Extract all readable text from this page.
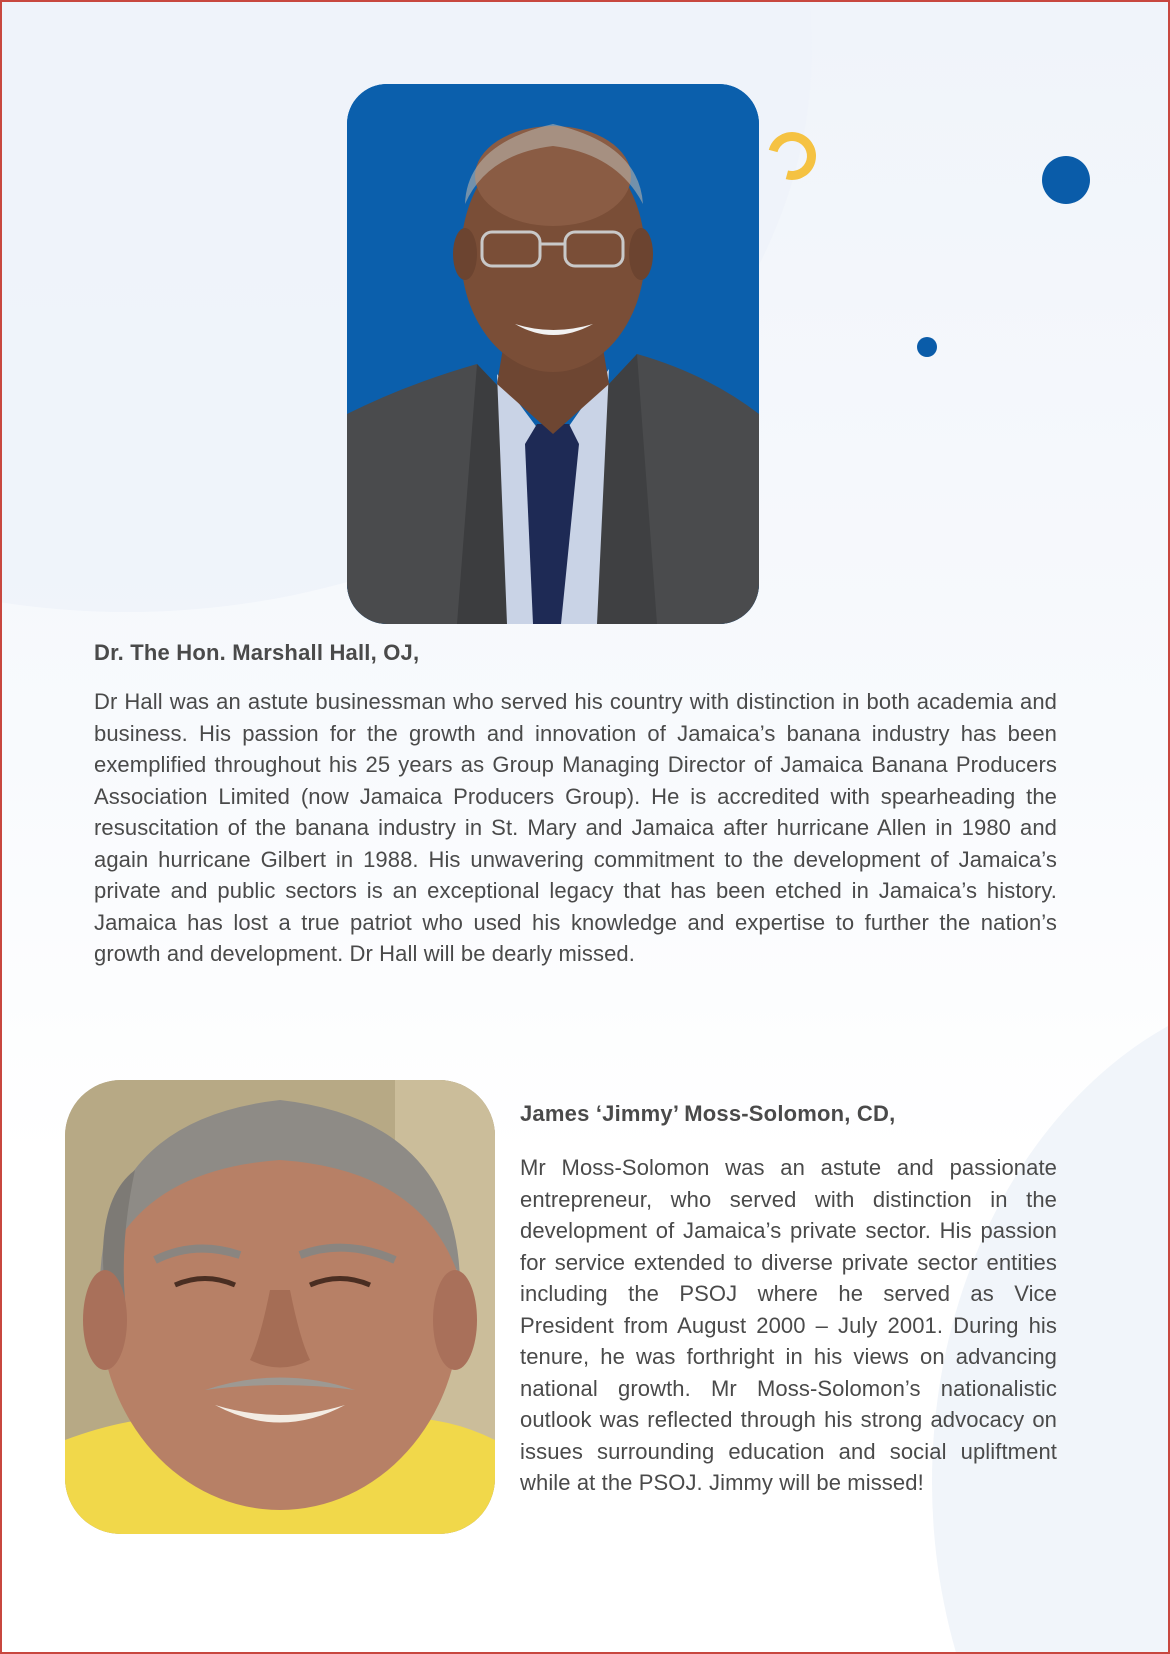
Dr. The Hon. Marshall Hall, OJ,

Dr Hall was an astute businessman who served his country with distinction in both academia and business. His passion for the growth and innovation of Jamaica’s banana industry has been exemplified throughout his 25 years as Group Managing Director of Jamaica Banana Producers Association Limited (now Jamaica Producers Group). He is accredited with spearheading the resuscitation of the banana industry in St. Mary and Jamaica after hurricane Allen in 1980 and again hurricane Gilbert in 1988. His unwavering commitment to the development of Jamaica’s private and public sectors is an exceptional legacy that has been etched in Jamaica’s history. Jamaica has lost a true patriot who used his knowledge and expertise to further the nation’s growth and development. Dr Hall will be dearly missed.

James ‘Jimmy’ Moss-Solomon, CD,

Mr Moss-Solomon was an astute and passionate entrepreneur, who served with distinction in the development of Jamaica’s private sector. His passion for service extended to diverse private sector entities including the PSOJ where he served as Vice President from August 2000 – July 2001. During his tenure, he was forthright in his views on advancing national growth. Mr Moss-Solomon’s nationalistic outlook was reflected through his strong advocacy on issues surrounding education and social upliftment while at the PSOJ. Jimmy will be missed!
